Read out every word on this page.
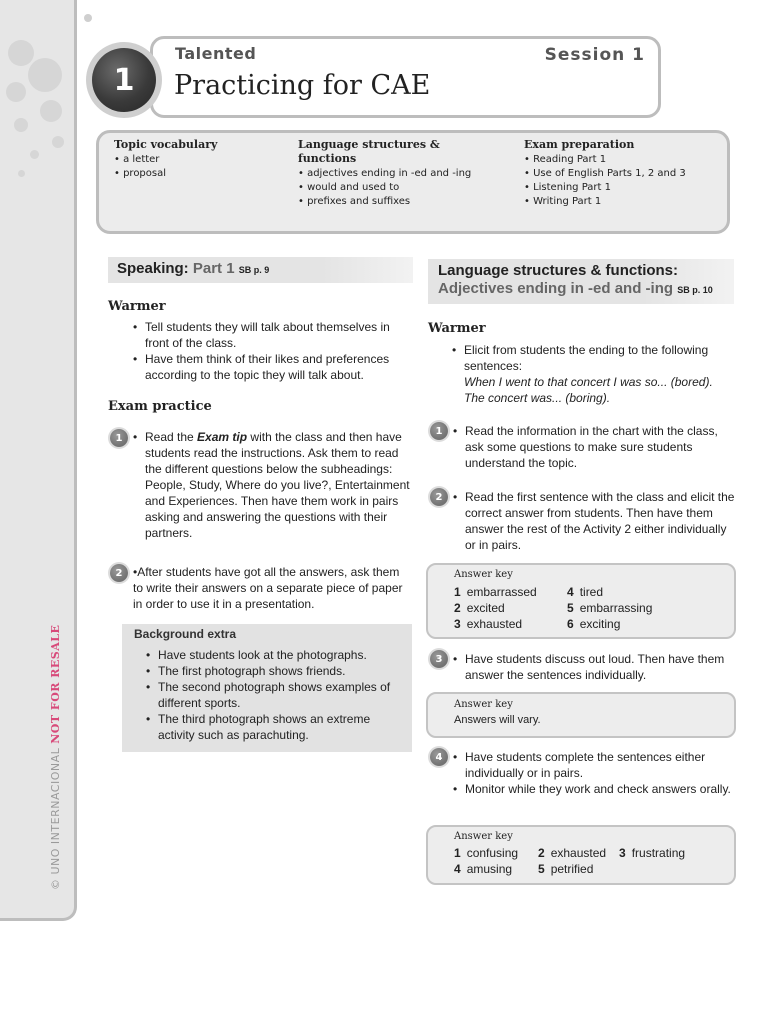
© UNO INTERNACIONAL NOT FOR RESALE
1
Talented	Session 1
Practicing for CAE
Topic vocabulary
• a letter
• proposal
Language structures &
functions
• adjectives ending in -ed and -ing
• would and used to
• prefixes and suffixes
Exam preparation
• Reading Part 1
• Use of English Parts 1, 2 and 3
• Listening Part 1
• Writing Part 1
Speaking: Part 1 SB p. 9
Warmer
• Tell students they will talk about themselves in front of the class.
• Have them think of their likes and preferences according to the topic they will talk about.
Exam practice
1	• Read the Exam tip with the class and then have students read the instructions. Ask them to read the different questions below the subheadings: People, Study, Where do you live?, Entertainment and Experiences. Then have them work in pairs asking and answering the questions with their partners.
2 •After students have got all the answers, ask them to write their answers on a separate piece of paper in order to use it in a presentation.
Background extra
• Have students look at the photographs.
• The first photograph shows friends.
• The second photograph shows examples of different sports.
• The third photograph shows an extreme activity such as parachuting.
Language structures & functions:
Adjectives ending in -ed and -ing SB p. 10
Warmer
• Elicit from students the ending to the following sentences:
When I went to that concert I was so... (bored).
The concert was... (boring).
1	• Read the information in the chart with the class, ask some questions to make sure students understand the topic.
2	• Read the first sentence with the class and elicit the correct answer from students. Then have them answer the rest of the Activity 2 either individually or in pairs.
Answer key
1 embarrassed	4 tired
2 excited	5 embarrassing
3 exhausted	6 exciting
3	• Have students discuss out loud. Then have them answer the sentences individually.
Answer key
Answers will vary.
4	• Have students complete the sentences either individually or in pairs.
• Monitor while they work and check answers orally.
Answer key
1 confusing 2 exhausted 3 frustrating
4 amusing 5 petrified
